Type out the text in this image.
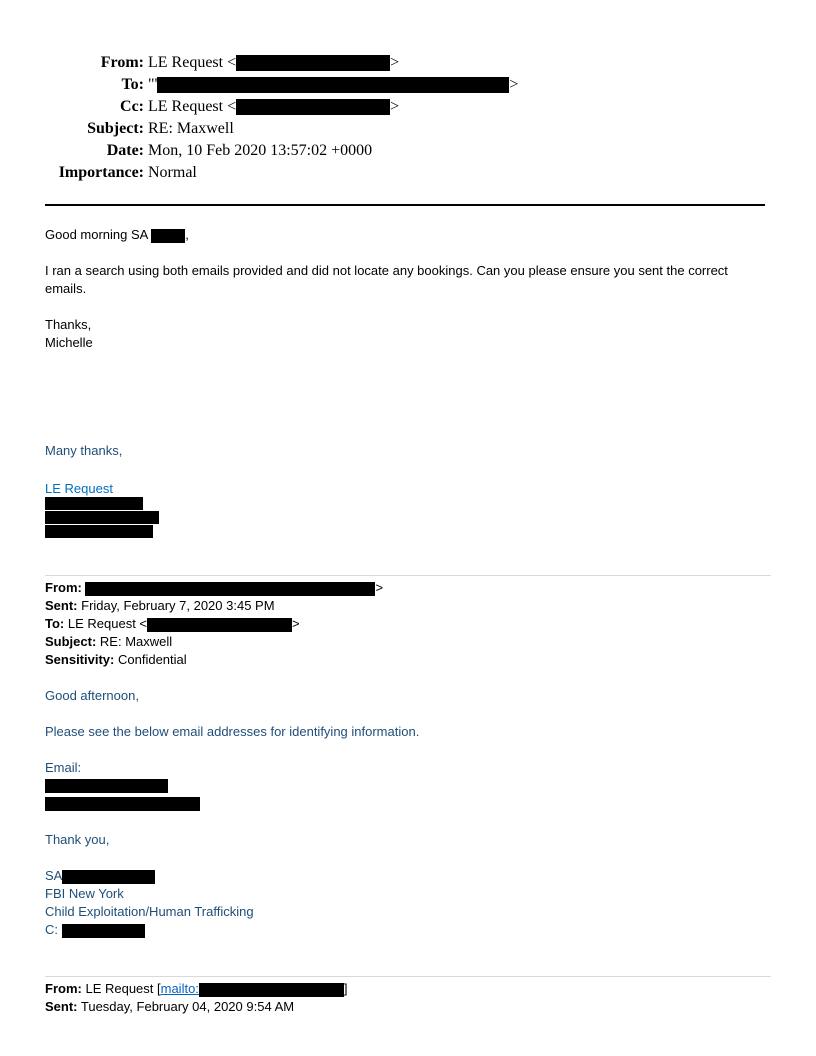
From: LE Request <	>
To: "'	>
Cc: LE Request <	>
Subject: RE: Maxwell
Date: Mon, 10 Feb 2020 13:57:02 +0000
Importance: Normal
Good morning SA	,
I ran a search using both emails provided and did not locate any bookings. Can you please ensure you sent the correct emails.
Thanks,
Michelle
Many thanks,
LE Request
From:	>
Sent: Friday, February 7, 2020 3:45 PM
To: LE Request <	>
Subject: RE: Maxwell
Sensitivity: Confidential
Good afternoon,
Please see the below email addresses for identifying information.
Email:
Thank you,
SA
FBI New York
Child Exploitation/Human Trafficking
C:
From: LE Request [mailto:	]
Sent: Tuesday, February 04, 2020 9:54 AM
